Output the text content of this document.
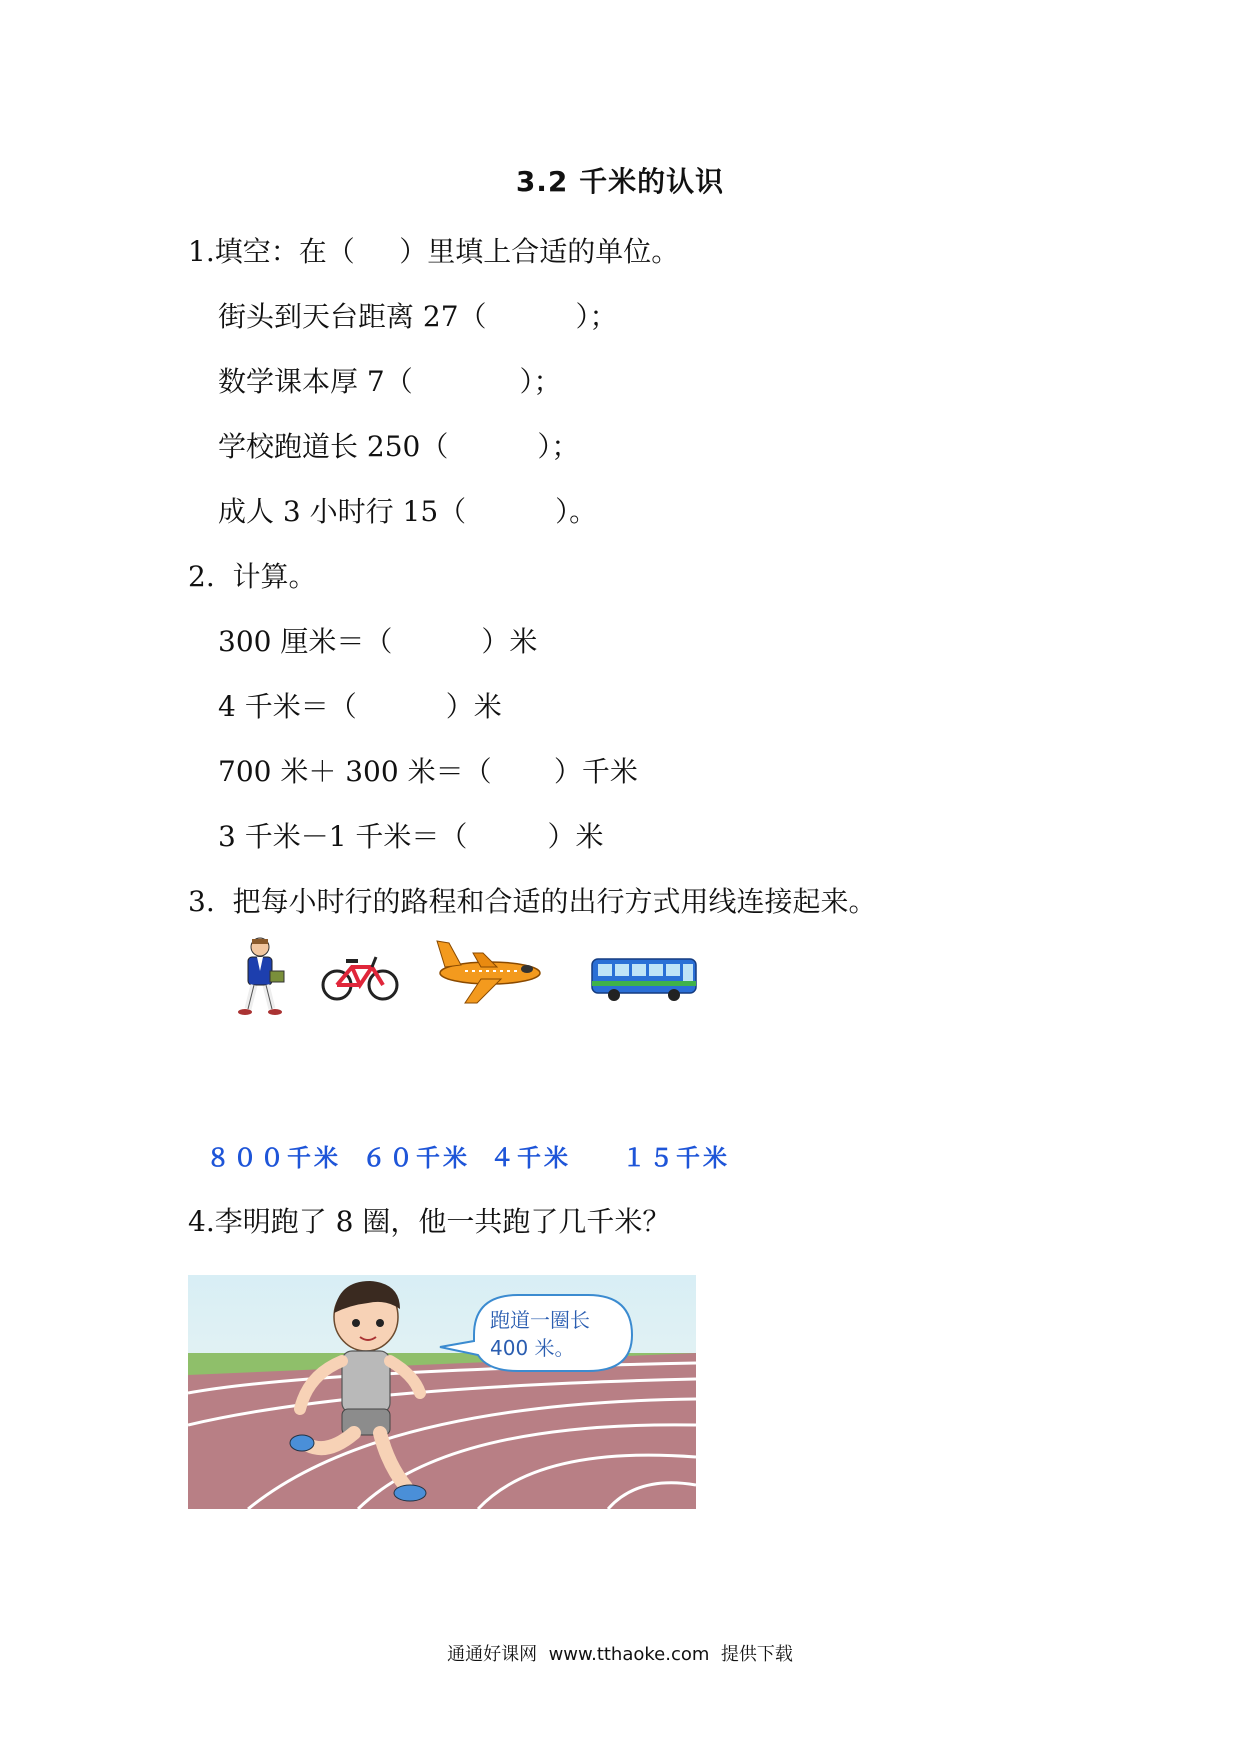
3.2 千米的认识
1.填空：在（     ）里填上合适的单位。
街头到天台距离 27（          ）；
数学课本厚 7（            ）；
学校跑道长 250（          ）；
成人 3 小时行 15（          ）。
2.  计算。
300 厘米＝（          ）米
4 千米＝（          ）米
700 米＋ 300 米＝（       ）千米
3 千米－1 千米＝（         ）米
3.  把每小时行的路程和合适的出行方式用线连接起来。
８００千米 ６０千米 ４千米 １５千米
4.李明跑了 8 圈，他一共跑了几千米？
跑道一圈长
400 米。
通通好课网  www.tthaoke.com  提供下载
